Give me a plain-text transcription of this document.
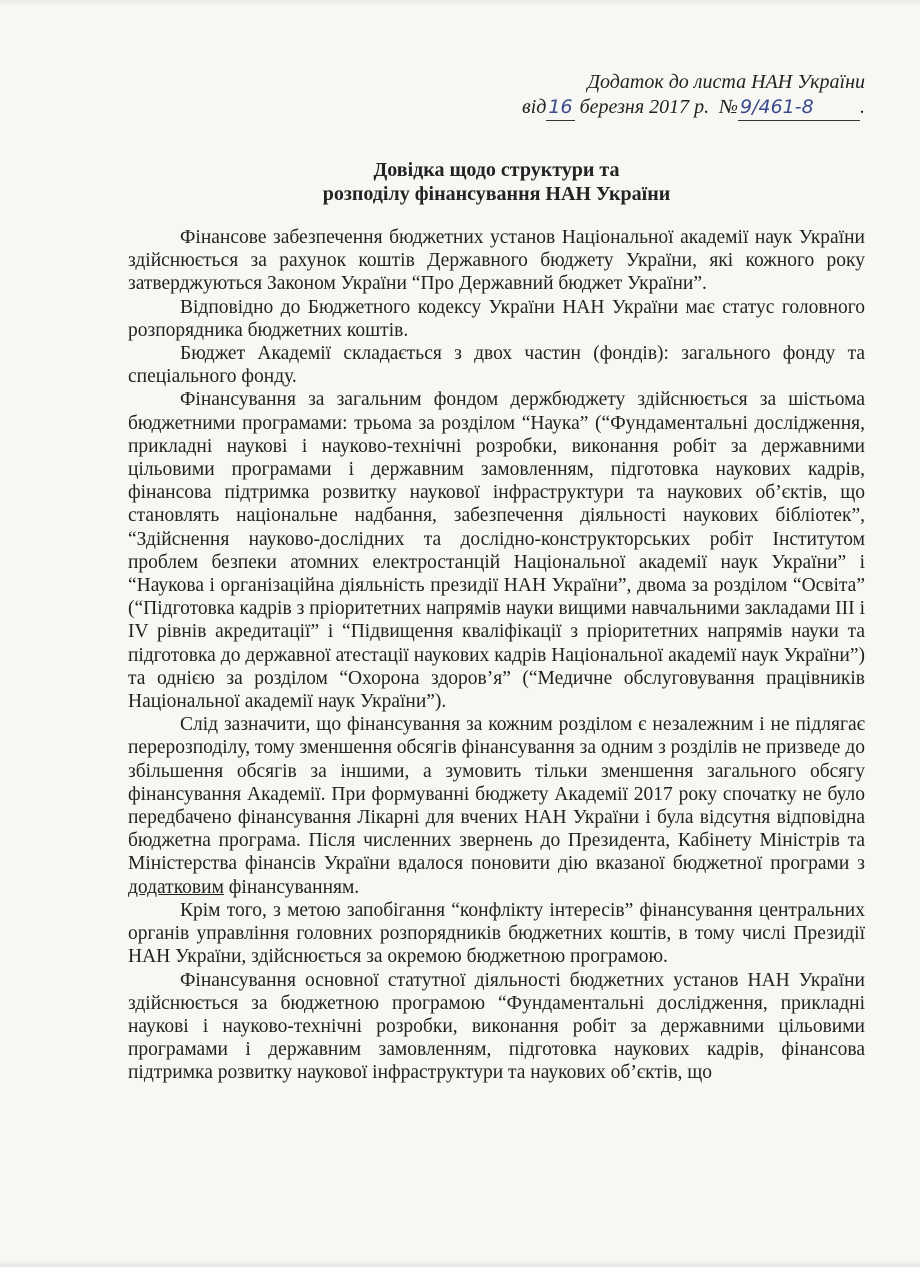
Додаток до листа НАН України
від 16 березня 2017 р. № 9/461-8 .
Довідка щодо структури та
розподілу фінансування НАН України

Фінансове забезпечення бюджетних установ Національної академії наук України здійснюється за рахунок коштів Державного бюджету України, які кожного року затверджуються Законом України “Про Державний бюджет України”.

Відповідно до Бюджетного кодексу України НАН України має статус головного розпорядника бюджетних коштів.

Бюджет Академії складається з двох частин (фондів): загального фонду та спеціального фонду.

Фінансування за загальним фондом держбюджету здійснюється за шістьома бюджетними програмами: трьома за розділом “Наука” (“Фундаментальні дослідження, прикладні наукові і науково-технічні розробки, виконання робіт за державними цільовими програмами і державним замовленням, підготовка наукових кадрів, фінансова підтримка розвитку наукової інфраструктури та наукових об’єктів, що становлять національне надбання, забезпечення діяльності наукових бібліотек”, “Здійснення науково-дослідних та дослідно-конструкторських робіт Інститутом проблем безпеки атомних електростанцій Національної академії наук України” і “Наукова і організаційна діяльність президії НАН України”, двома за розділом “Освіта” (“Підготовка кадрів з пріоритетних напрямів науки вищими навчальними закладами III і IV рівнів акредитації” і “Підвищення кваліфікації з пріоритетних напрямів науки та підготовка до державної атестації наукових кадрів Національної академії наук України”) та однією за розділом “Охорона здоров’я” (“Медичне обслуговування працівників Національної академії наук України”).

Слід зазначити, що фінансування за кожним розділом є незалежним і не підлягає перерозподілу, тому зменшення обсягів фінансування за одним з розділів не призведе до збільшення обсягів за іншими, а зумовить тільки зменшення загального обсягу фінансування Академії. При формуванні бюджету Академії 2017 року спочатку не було передбачено фінансування Лікарні для вчених НАН України і була відсутня відповідна бюджетна програма. Після численних звернень до Президента, Кабінету Міністрів та Міністерства фінансів України вдалося поновити дію вказаної бюджетної програми з додатковим фінансуванням.

Крім того, з метою запобігання “конфлікту інтересів” фінансування центральних органів управління головних розпорядників бюджетних коштів, в тому числі Президії НАН України, здійснюється за окремою бюджетною програмою.

Фінансування основної статутної діяльності бюджетних установ НАН України здійснюється за бюджетною програмою “Фундаментальні дослідження, прикладні наукові і науково-технічні розробки, виконання робіт за державними цільовими програмами і державним замовленням, підготовка наукових кадрів, фінансова підтримка розвитку наукової інфраструктури та наукових об’єктів, що
